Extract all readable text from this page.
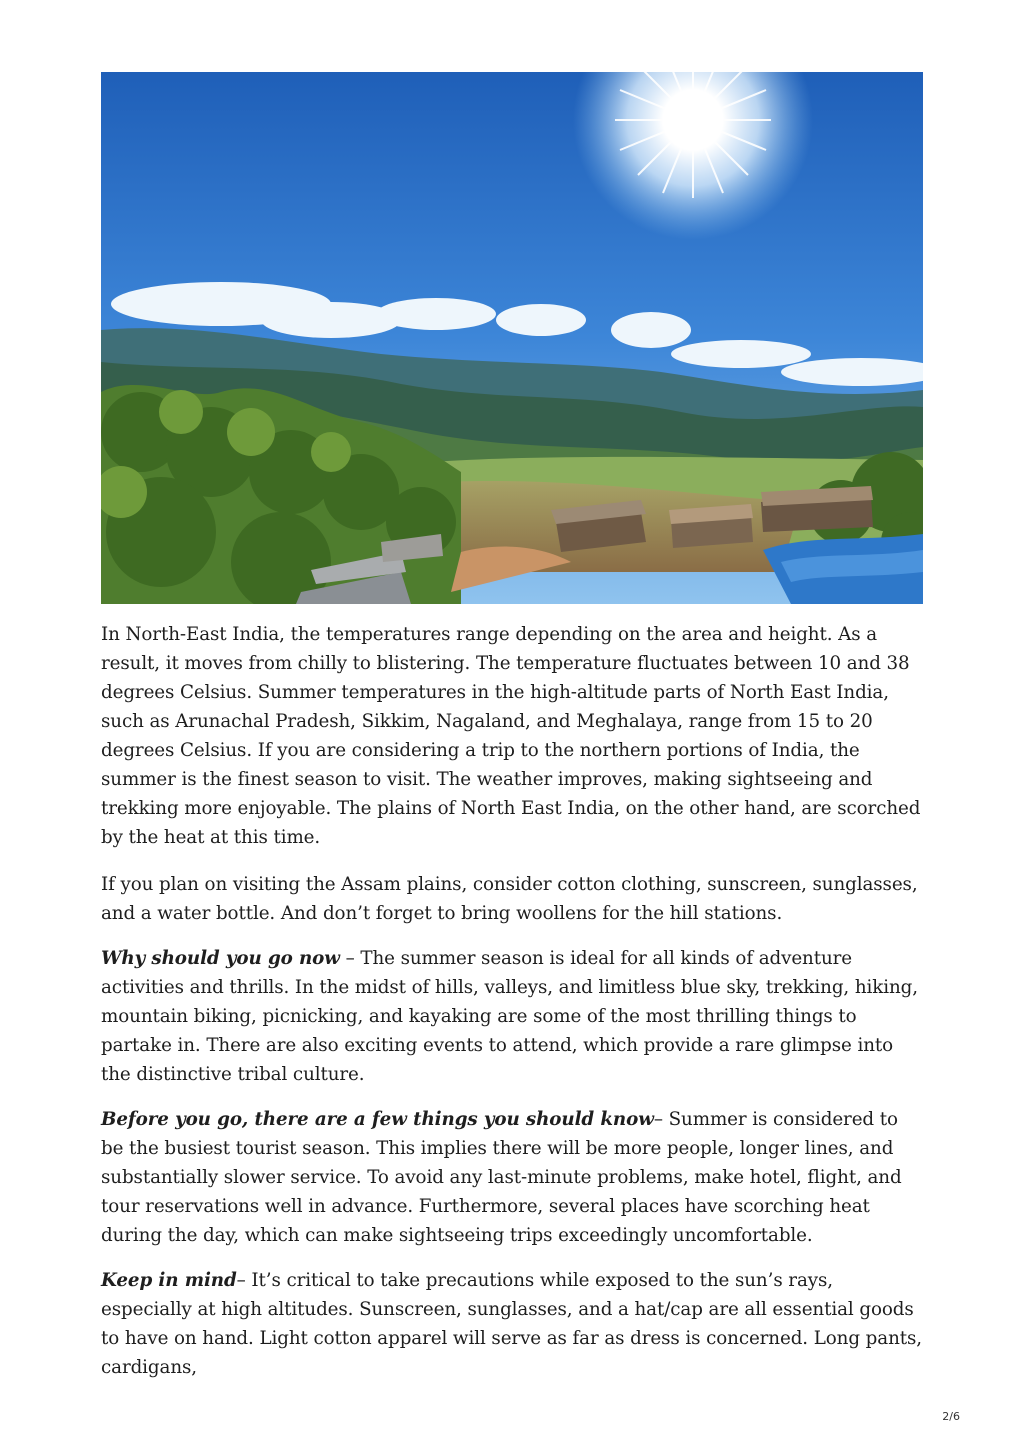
In North-East India, the temperatures range depending on the area and height. As a result, it moves from chilly to blistering. The temperature fluctuates between 10 and 38 degrees Celsius. Summer temperatures in the high-altitude parts of North East India, such as Arunachal Pradesh, Sikkim, Nagaland, and Meghalaya, range from 15 to 20 degrees Celsius. If you are considering a trip to the northern portions of India, the summer is the finest season to visit. The weather improves, making sightseeing and trekking more enjoyable. The plains of North East India, on the other hand, are scorched by the heat at this time.

If you plan on visiting the Assam plains, consider cotton clothing, sunscreen, sunglasses, and a water bottle. And don’t forget to bring woollens for the hill stations.

Why should you go now – The summer season is ideal for all kinds of adventure activities and thrills. In the midst of hills, valleys, and limitless blue sky, trekking, hiking, mountain biking, picnicking, and kayaking are some of the most thrilling things to partake in. There are also exciting events to attend, which provide a rare glimpse into the distinctive tribal culture.

Before you go, there are a few things you should know– Summer is considered to be the busiest tourist season. This implies there will be more people, longer lines, and substantially slower service. To avoid any last-minute problems, make hotel, flight, and tour reservations well in advance. Furthermore, several places have scorching heat during the day, which can make sightseeing trips exceedingly uncomfortable.

Keep in mind– It’s critical to take precautions while exposed to the sun’s rays, especially at high altitudes. Sunscreen, sunglasses, and a hat/cap are all essential goods to have on hand. Light cotton apparel will serve as far as dress is concerned. Long pants, cardigans,

2/6
